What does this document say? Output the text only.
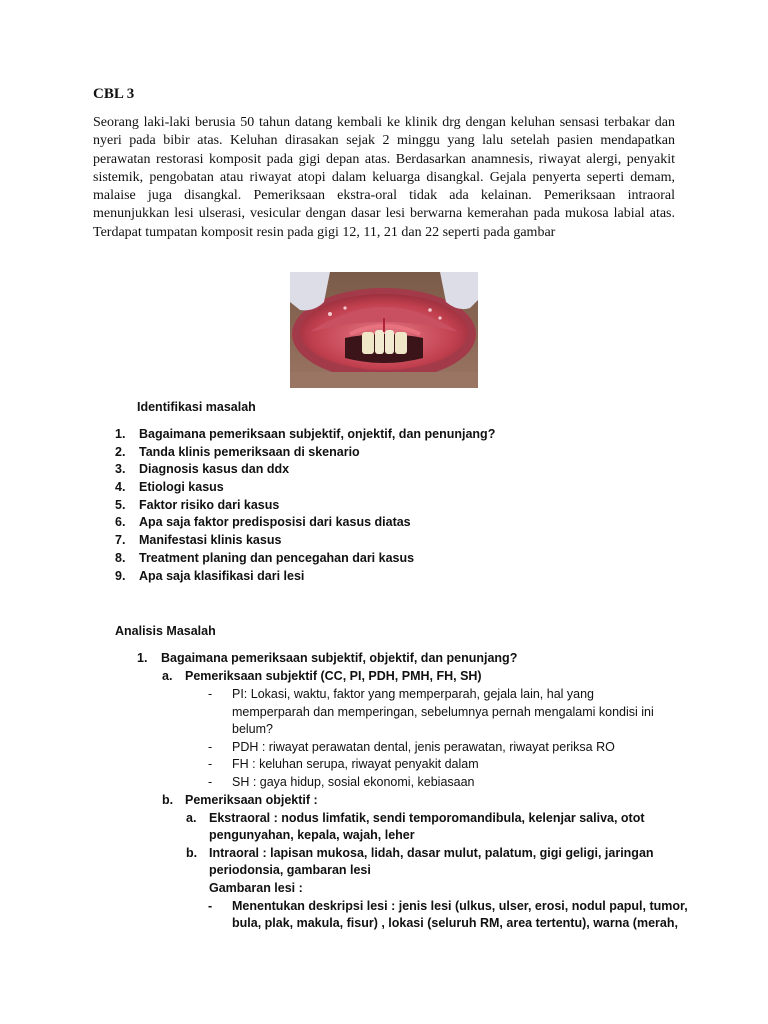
CBL 3

Seorang laki-laki berusia 50 tahun datang kembali ke klinik drg dengan keluhan sensasi terbakar dan nyeri pada bibir atas. Keluhan dirasakan sejak 2 minggu yang lalu setelah pasien mendapatkan perawatan restorasi komposit pada gigi depan atas. Berdasarkan anamnesis, riwayat alergi, penyakit sistemik, pengobatan atau riwayat atopi dalam keluarga disangkal. Gejala penyerta seperti demam, malaise juga disangkal. Pemeriksaan ekstra-oral tidak ada kelainan. Pemeriksaan intraoral menunjukkan lesi ulserasi, vesicular dengan dasar lesi berwarna kemerahan pada mukosa labial atas. Terdapat tumpatan komposit resin pada gigi 12, 11, 21 dan 22 seperti pada gambar

Identifikasi masalah

1. Bagaimana pemeriksaan subjektif, onjektif, dan penunjang?
2. Tanda klinis pemeriksaan di skenario
3. Diagnosis kasus dan ddx
4. Etiologi kasus
5. Faktor risiko dari kasus
6. Apa saja faktor predisposisi dari kasus diatas
7. Manifestasi klinis kasus
8. Treatment planing dan pencegahan dari kasus
9. Apa saja klasifikasi dari lesi

Analisis Masalah

1. Bagaimana pemeriksaan subjektif, objektif, dan penunjang?

a. Pemeriksaan subjektif (CC, PI, PDH, PMH, FH, SH)

- PI: Lokasi, waktu, faktor yang memperparah, gejala lain, hal yang

memperparah dan memperingan, sebelumnya pernah mengalami kondisi ini

belum?

- PDH : riwayat perawatan dental, jenis perawatan, riwayat periksa RO

- FH : keluhan serupa, riwayat penyakit dalam

- SH : gaya hidup, sosial ekonomi, kebiasaan

b. Pemeriksaan objektif :

a. Ekstraoral : nodus limfatik, sendi temporomandibula, kelenjar saliva, otot

pengunyahan, kepala, wajah, leher

b. Intraoral : lapisan mukosa, lidah, dasar mulut, palatum, gigi geligi, jaringan

periodonsia, gambaran lesi

Gambaran lesi :

- Menentukan deskripsi lesi : jenis lesi (ulkus, ulser, erosi, nodul papul, tumor,

bula, plak, makula, fisur) , lokasi (seluruh RM, area tertentu), warna (merah,
